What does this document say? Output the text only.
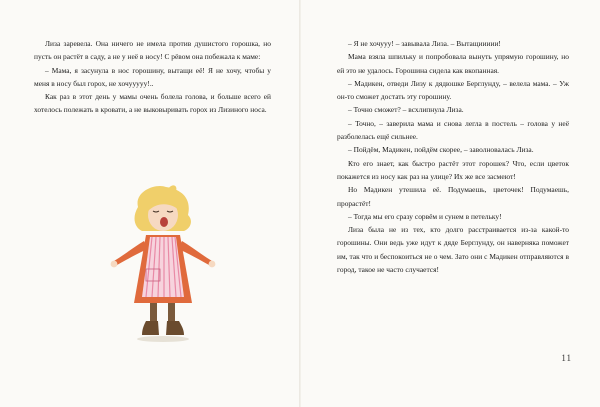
Лиза заревела. Она ничего не имела против душистого горошка, но пусть он растёт в саду, а не у неё в носу! С рёвом она побежала к маме:

– Мама, я засунула в нос горошину, вытащи её! Я не хочу, чтобы у меня в носу был горох, не хочууууу!..

Как раз в этот день у мамы очень болела голова, и больше всего ей хотелось полежать в кровати, а не выковыривать горох из Лизиного носа.

– Я не хочууу! – завывала Лиза. – Вытащиииии!

Мама взяла шпильку и попробовала вынуть упрямую горошину, но ей это не удалось. Горошина сидела как вкопанная.

– Мадикен, отведи Лизу к дядюшке Берглунду, – велела мама. – Уж он-то сможет достать эту горошину.

– Точно сможет? – всхлипнула Лиза.

– Точно, – заверила мама и снова легла в постель – голова у неё разболелась ещё сильнее.

– Пойдём, Мадикен, пойдём скорее, – заволновалась Лиза.

Кто его знает, как быстро растёт этот горошек? Что, если цветок покажется из носу как раз на улице? Их же все засмеют!

Но Мадикен утешила её. Подумаешь, цветочек! Подумаешь, прорастёт!

– Тогда мы его сразу сорвём и сунем в петельку!

Лиза была не из тех, кто долго расстраивается из-за какой-то горошины. Они ведь уже идут к дяде Берглунду, он наверняка поможет им, так что и беспокоиться не о чем. Зато они с Мадикен отправляются в город, такое не часто случается!

11
